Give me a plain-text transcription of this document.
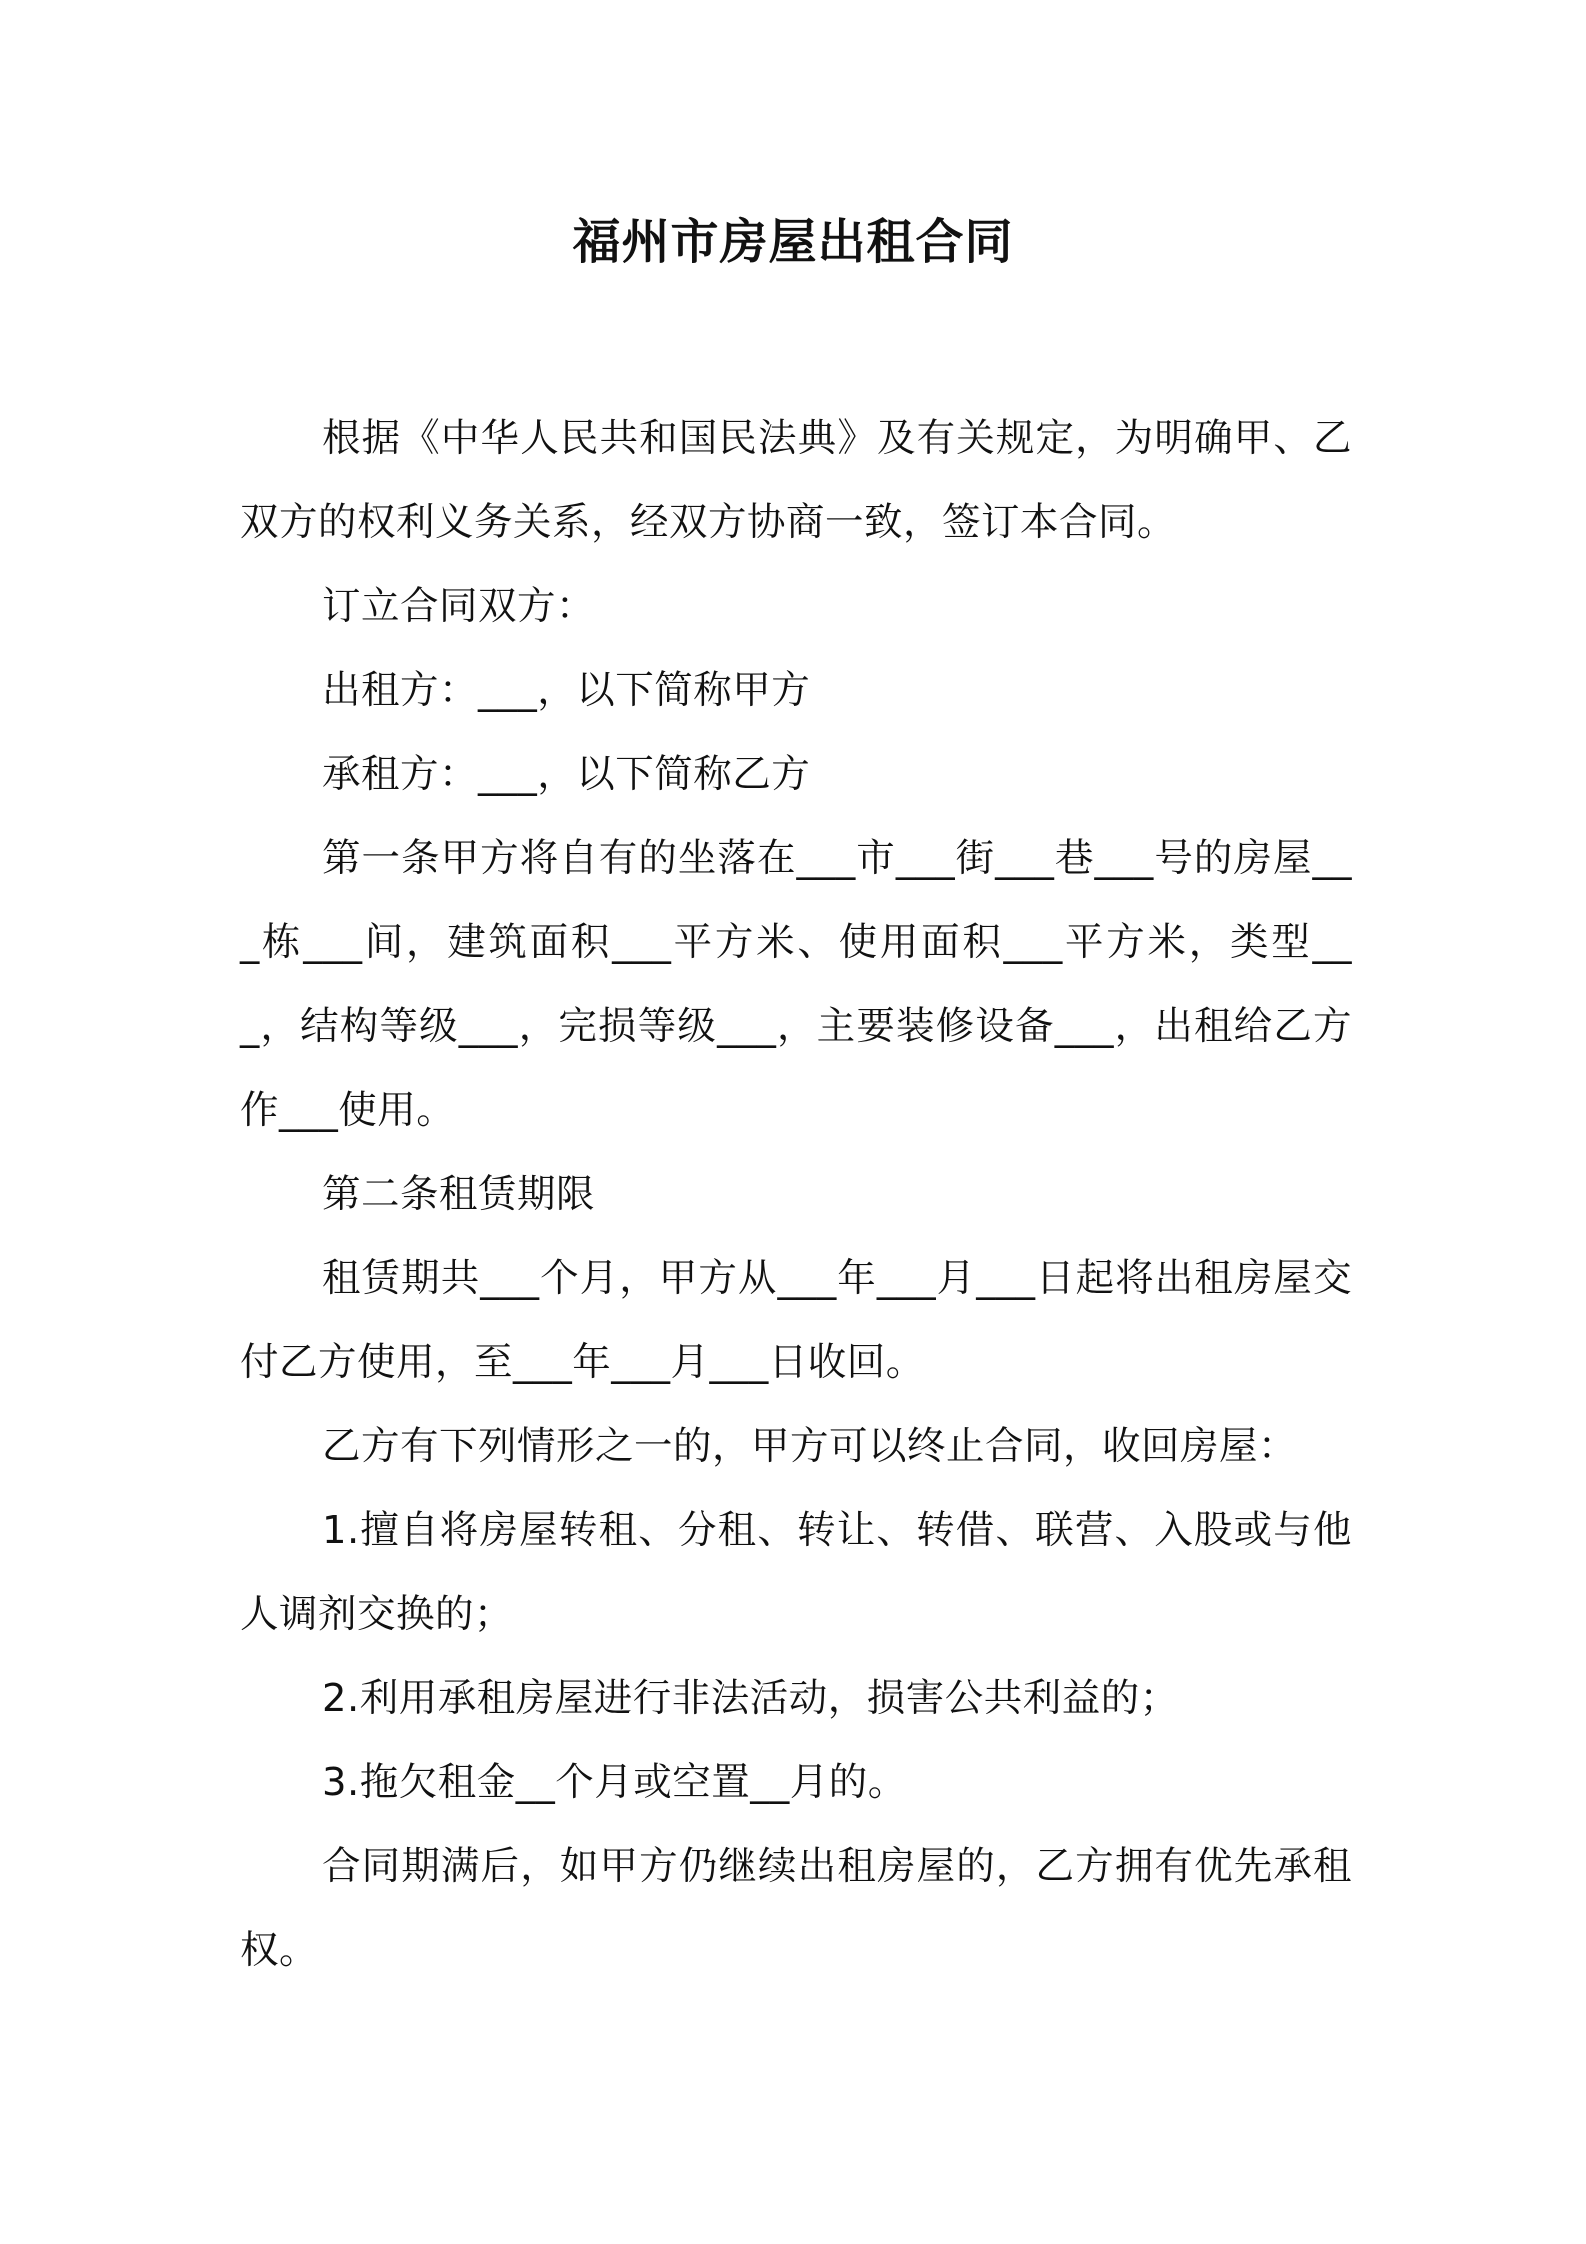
福州市房屋出租合同

根据《中华人民共和国民法典》及有关规定，为明确甲、乙双方的权利义务关系，经双方协商一致，签订本合同。

订立合同双方：

出租方：___，以下简称甲方

承租方：___，以下简称乙方

第一条甲方将自有的坐落在___市___街___巷___号的房屋___栋___间，建筑面积___平方米、使用面积___平方米，类型___，结构等级___，完损等级___，主要装修设备___，出租给乙方作___使用。

第二条租赁期限

租赁期共___个月，甲方从___年___月___日起将出租房屋交付乙方使用，至___年___月___日收回。

乙方有下列情形之一的，甲方可以终止合同，收回房屋：

1.擅自将房屋转租、分租、转让、转借、联营、入股或与他人调剂交换的；

2.利用承租房屋进行非法活动，损害公共利益的；

3.拖欠租金__个月或空置__月的。

合同期满后，如甲方仍继续出租房屋的，乙方拥有优先承租权。
